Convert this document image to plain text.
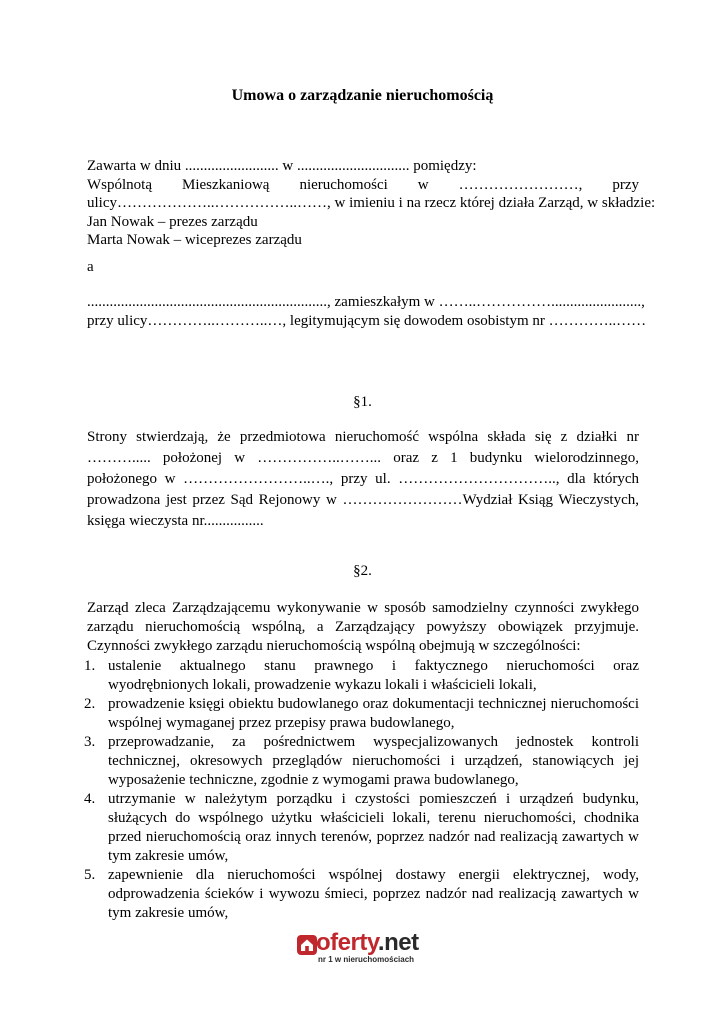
Umowa o zarządzanie nieruchomością
Zawarta w dniu ......................... w .............................. pomiędzy:
Wspólnotą Mieszkaniową nieruchomości w ……………………, przy
ulicy………………..……………..……, w imieniu i na rzecz której działa Zarząd, w składzie:
Jan Nowak – prezes zarządu
Marta Nowak – wiceprezes zarządu
a
................................................................, zamieszkałym w ……..……………........................,
przy ulicy…………..………..…, legitymującym się dowodem osobistym nr …………..……
§1.
Strony stwierdzają, że przedmiotowa nieruchomość wspólna składa się z działki nr ………..... położonej w ……………..……... oraz z 1 budynku wielorodzinnego, położonego w ……………………..…., przy ul. ………………………….., dla których prowadzona jest przez Sąd Rejonowy w ……………………Wydział Ksiąg Wieczystych, księga wieczysta nr................
§2.
Zarząd zleca Zarządzającemu wykonywanie w sposób samodzielny czynności zwykłego zarządu nieruchomością wspólną, a Zarządzający powyższy obowiązek przyjmuje. Czynności zwykłego zarządu nieruchomością wspólną obejmują w szczególności:
1. ustalenie aktualnego stanu prawnego i faktycznego nieruchomości oraz wyodrębnionych lokali, prowadzenie wykazu lokali i właścicieli lokali,
2. prowadzenie księgi obiektu budowlanego oraz dokumentacji technicznej nieruchomości wspólnej wymaganej przez przepisy prawa budowlanego,
3. przeprowadzanie, za pośrednictwem wyspecjalizowanych jednostek kontroli technicznej, okresowych przeglądów nieruchomości i urządzeń, stanowiących jej wyposażenie techniczne, zgodnie z wymogami prawa budowlanego,
4. utrzymanie w należytym porządku i czystości pomieszczeń i urządzeń budynku, służących do wspólnego użytku właścicieli lokali, terenu nieruchomości, chodnika przed nieruchomością oraz innych terenów, poprzez nadzór nad realizacją zawartych w tym zakresie umów,
5. zapewnienie dla nieruchomości wspólnej dostawy energii elektrycznej, wody, odprowadzenia ścieków i wywozu śmieci, poprzez nadzór nad realizacją zawartych w tym zakresie umów,
oferty.net
nr 1 w nieruchomościach
